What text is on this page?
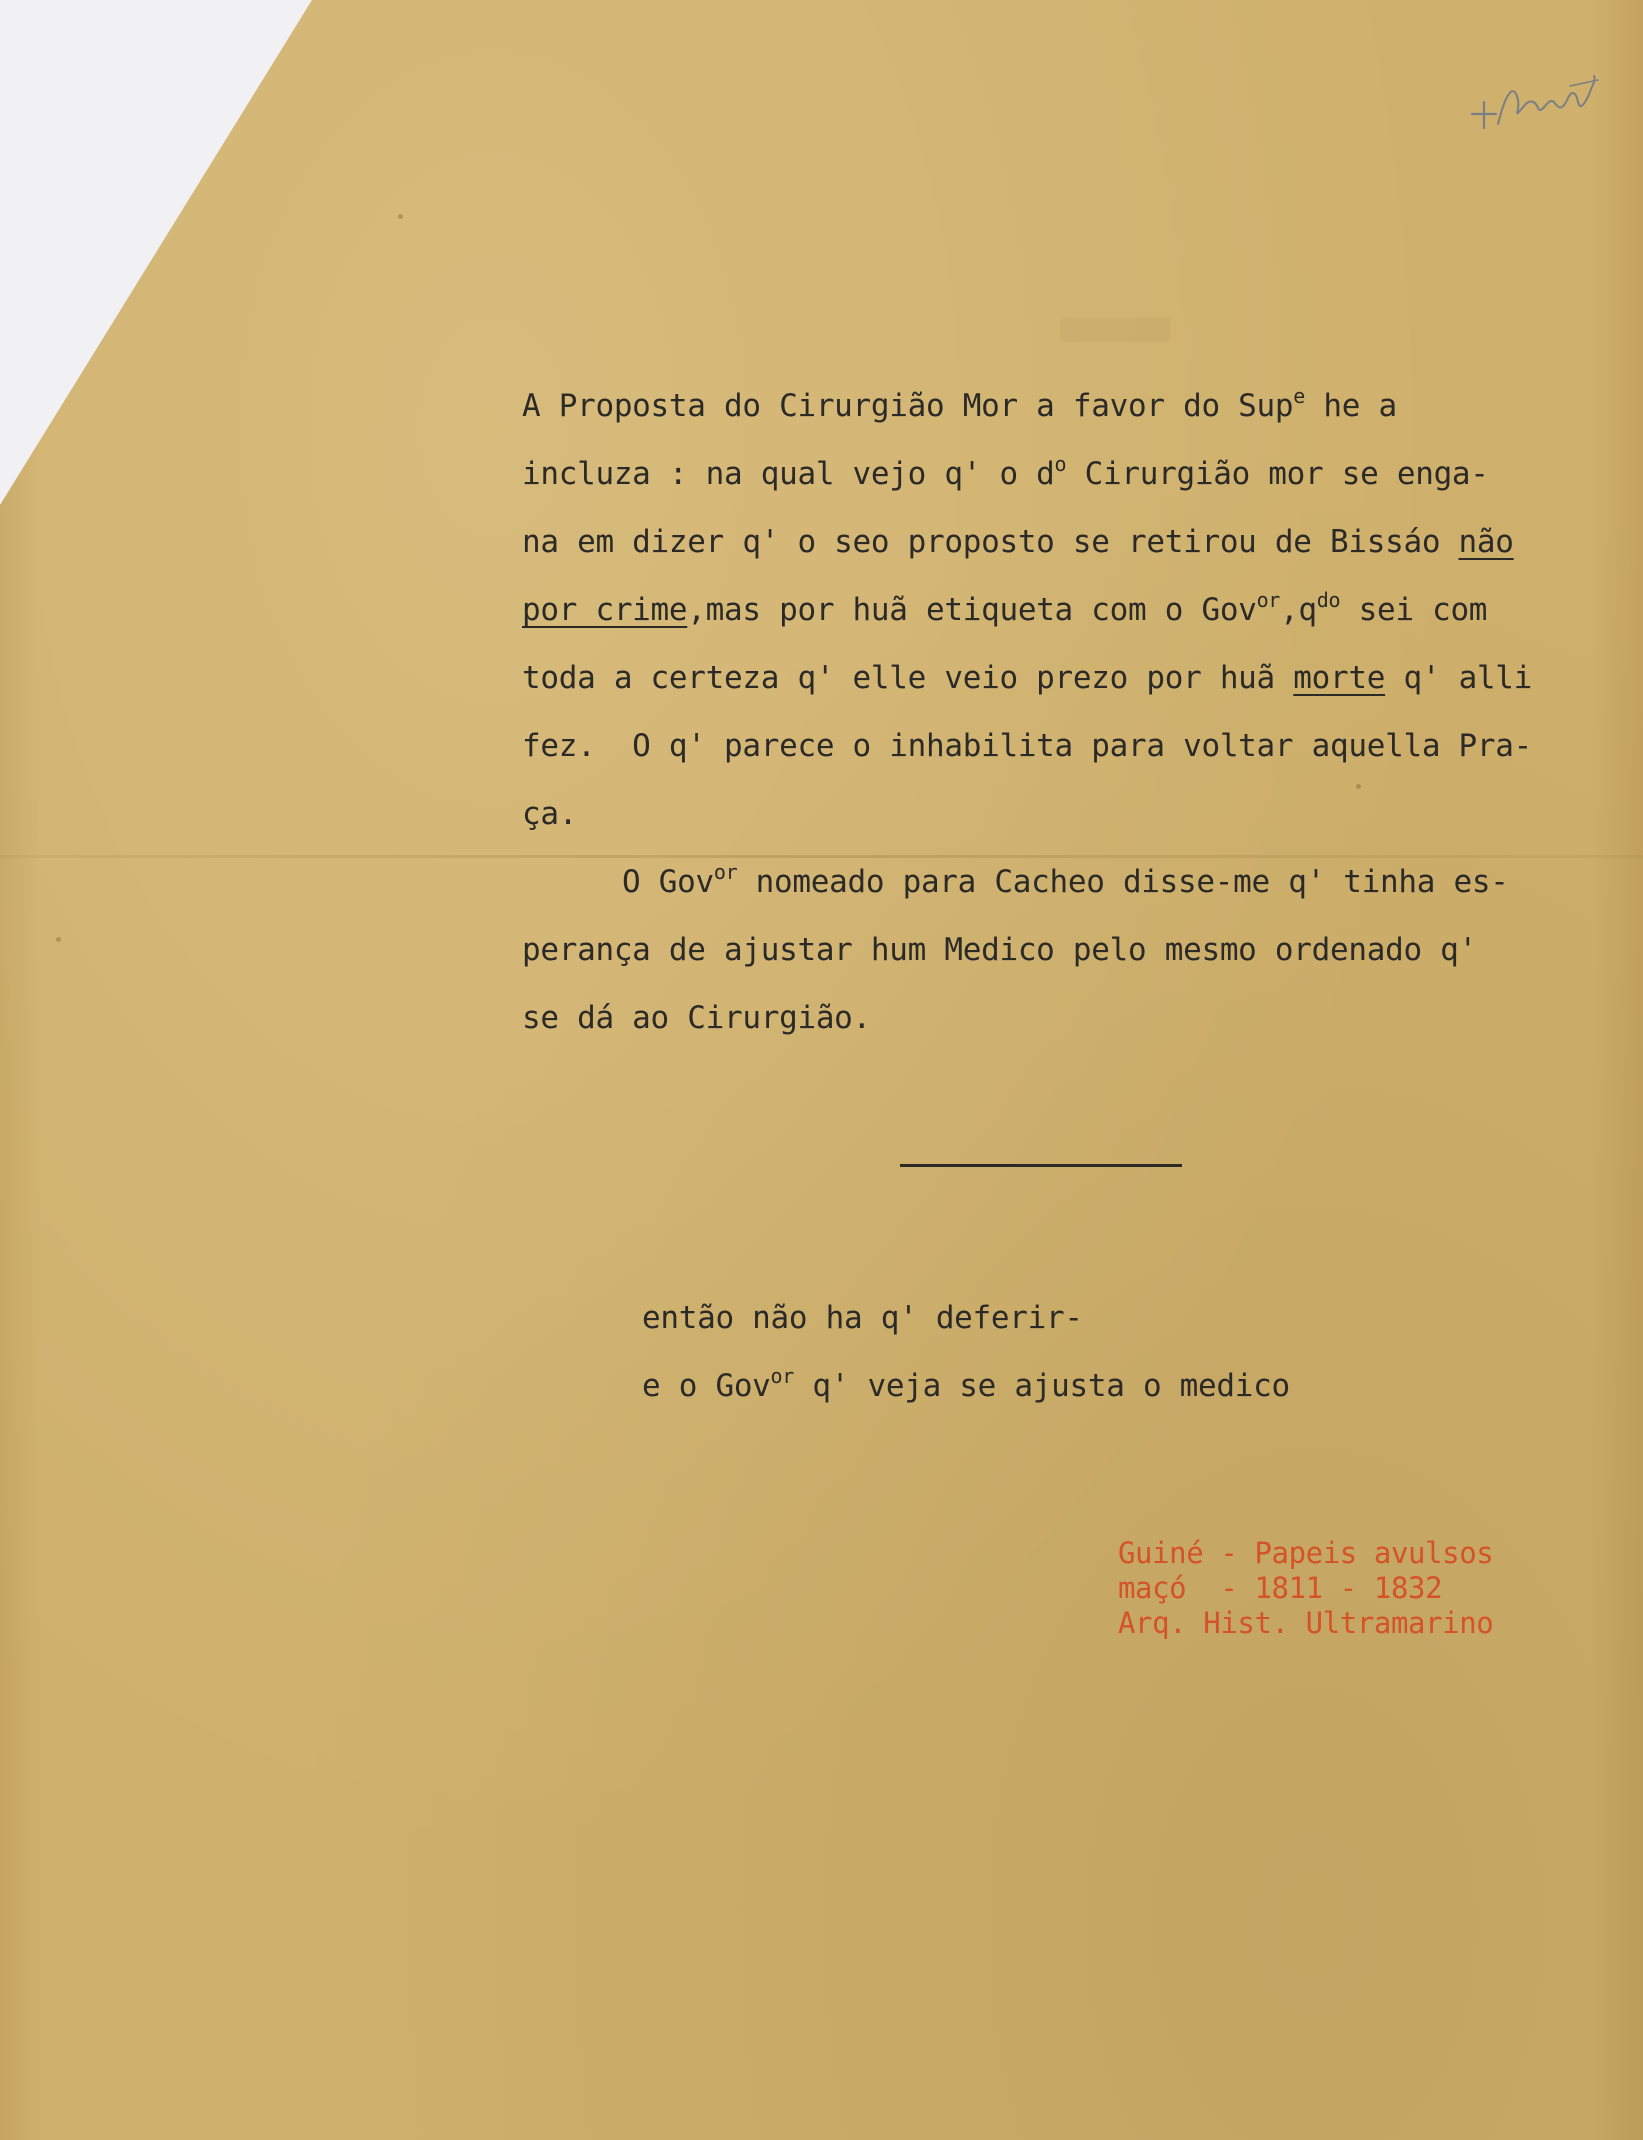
A Proposta do Cirurgião Mor a favor do Sup$^e$ he a

incluza : na qual vejo q' o $d^o$ Cirurgião mor se enga-
na em dizer q' o seo proposto se retirou de Bissáo não
por crime,mas por huã etiqueta com o $Gov^{or},q^{do}$ sei com
toda a certeza q' elle veio prezo por huã morte q' alli
fez.  O q' parece o inhabilita para voltar aquella Pra-
ça.
O Gov$^{or}$ nomeado para Cacheo disse-me q' tinha es-
perança de ajustar hum Medico pelo mesmo ordenado q'
se dá ao Cirurgião.
então não ha q' deferir-
e o Gov$^{or}$ q' veja se ajusta o medico
Guiné - Papeis avulsos
maçó  - 1811 - 1832
Arq. Hist. Ultramarino
